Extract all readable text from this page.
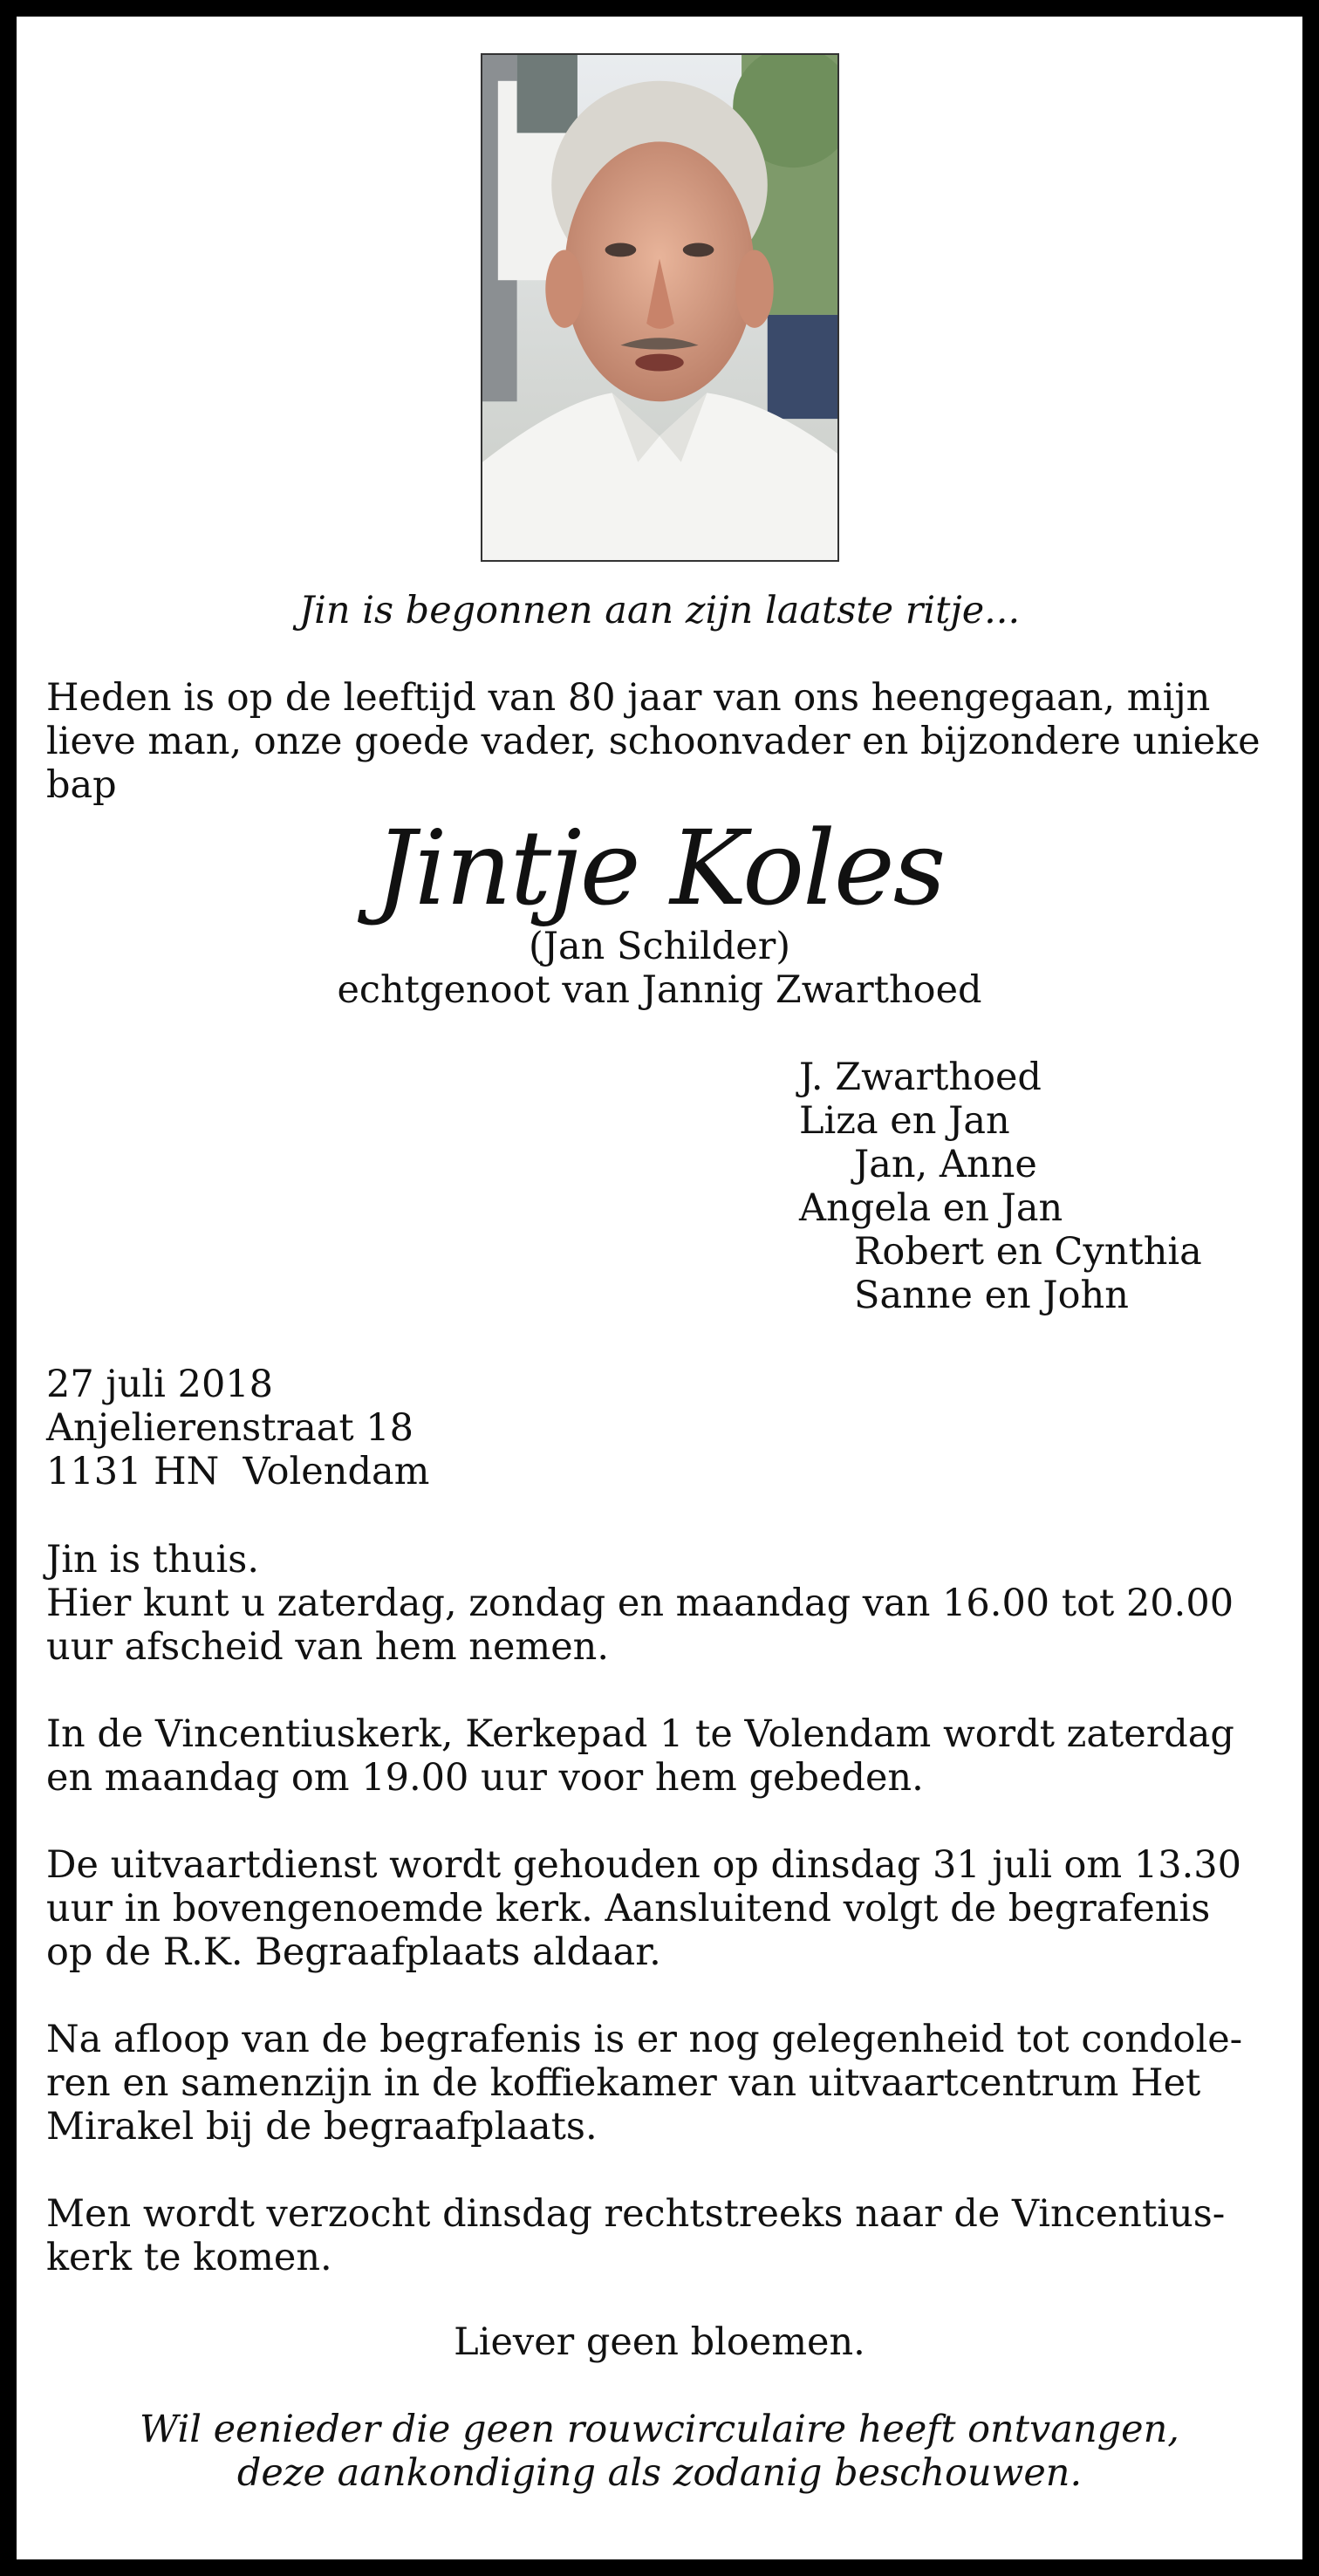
Jin is begonnen aan zijn laatste ritje...
Heden is op de leeftijd van 80 jaar van ons heengegaan, mijn
lieve man, onze goede vader, schoonvader en bijzondere unieke
bap
Jintje Koles
(Jan Schilder)
echtgenoot van Jannig Zwarthoed
J. Zwarthoed
Liza en Jan
Jan, Anne
Angela en Jan
Robert en Cynthia
Sanne en John
27 juli 2018
Anjelierenstraat 18
1131 HN  Volendam
Jin is thuis.
Hier kunt u zaterdag, zondag en maandag van 16.00 tot 20.00
uur afscheid van hem nemen.
In de Vincentiuskerk, Kerkepad 1 te Volendam wordt zaterdag
en maandag om 19.00 uur voor hem gebeden.
De uitvaartdienst wordt gehouden op dinsdag 31 juli om 13.30
uur in bovengenoemde kerk. Aansluitend volgt de begrafenis
op de R.K. Begraafplaats aldaar.
Na afloop van de begrafenis is er nog gelegenheid tot condole-
ren en samenzijn in de koffiekamer van uitvaartcentrum Het
Mirakel bij de begraafplaats.
Men wordt verzocht dinsdag rechtstreeks naar de Vincentius-
kerk te komen.
Liever geen bloemen.
Wil eenieder die geen rouwcirculaire heeft ontvangen,
deze aankondiging als zodanig beschouwen.
